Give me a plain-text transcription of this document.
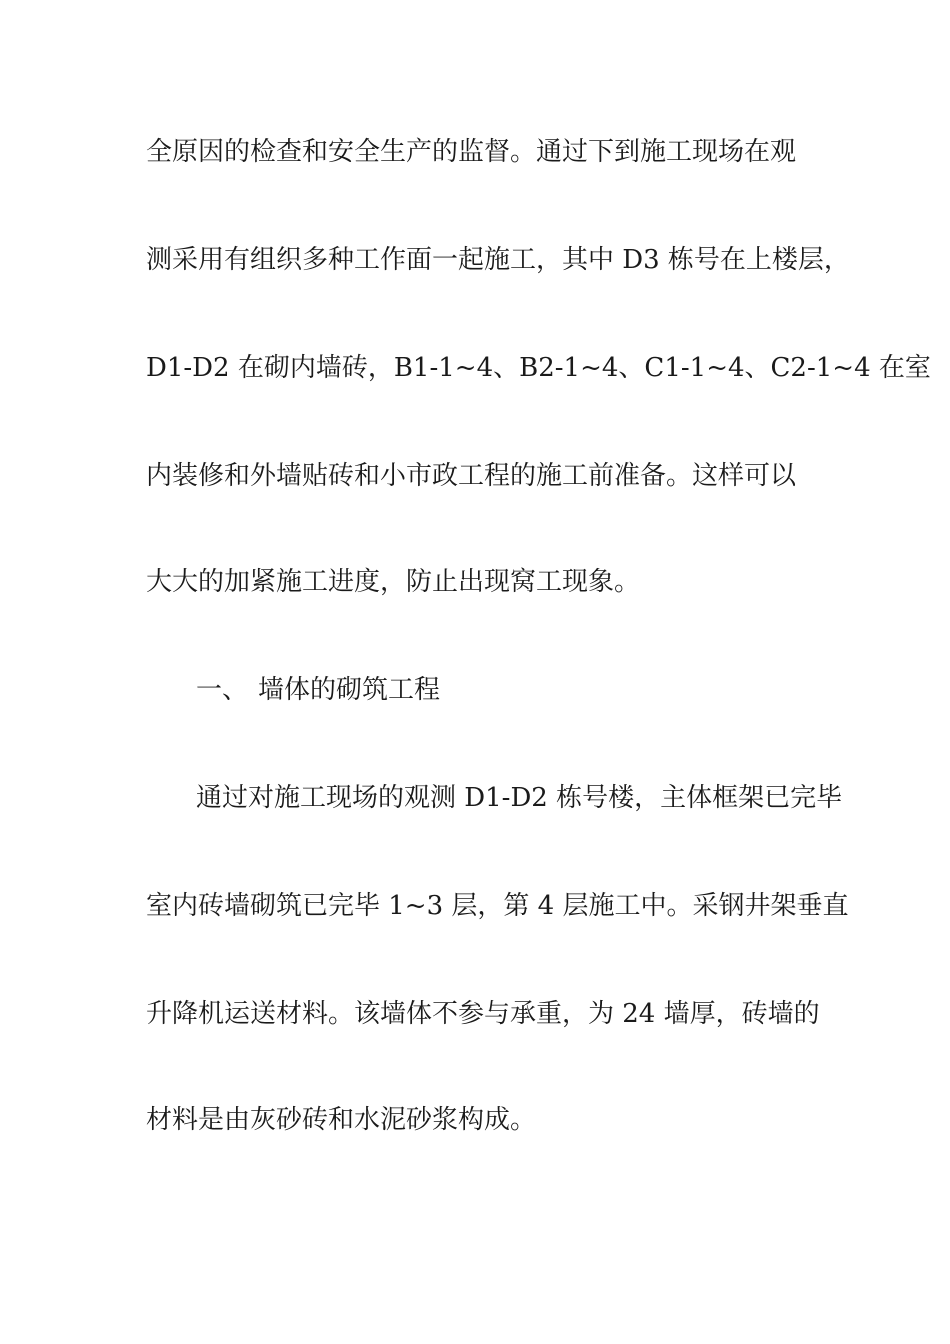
全原因的检查和安全生产的监督。通过下到施工现场在观
测采用有组织多种工作面一起施工，其中 D3 栋号在上楼层，
D1-D2 在砌内墙砖，B1-1~4、B2-1~4、C1-1~4、C2-1~4 在室
内装修和外墙贴砖和小市政工程的施工前准备。这样可以
大大的加紧施工进度，防止出现窝工现象。
一、 墙体的砌筑工程
通过对施工现场的观测 D1-D2 栋号楼，主体框架已完毕
室内砖墙砌筑已完毕 1~3 层，第 4 层施工中。采钢井架垂直
升降机运送材料。该墙体不参与承重，为 24 墙厚，砖墙的
材料是由灰砂砖和水泥砂浆构成。
